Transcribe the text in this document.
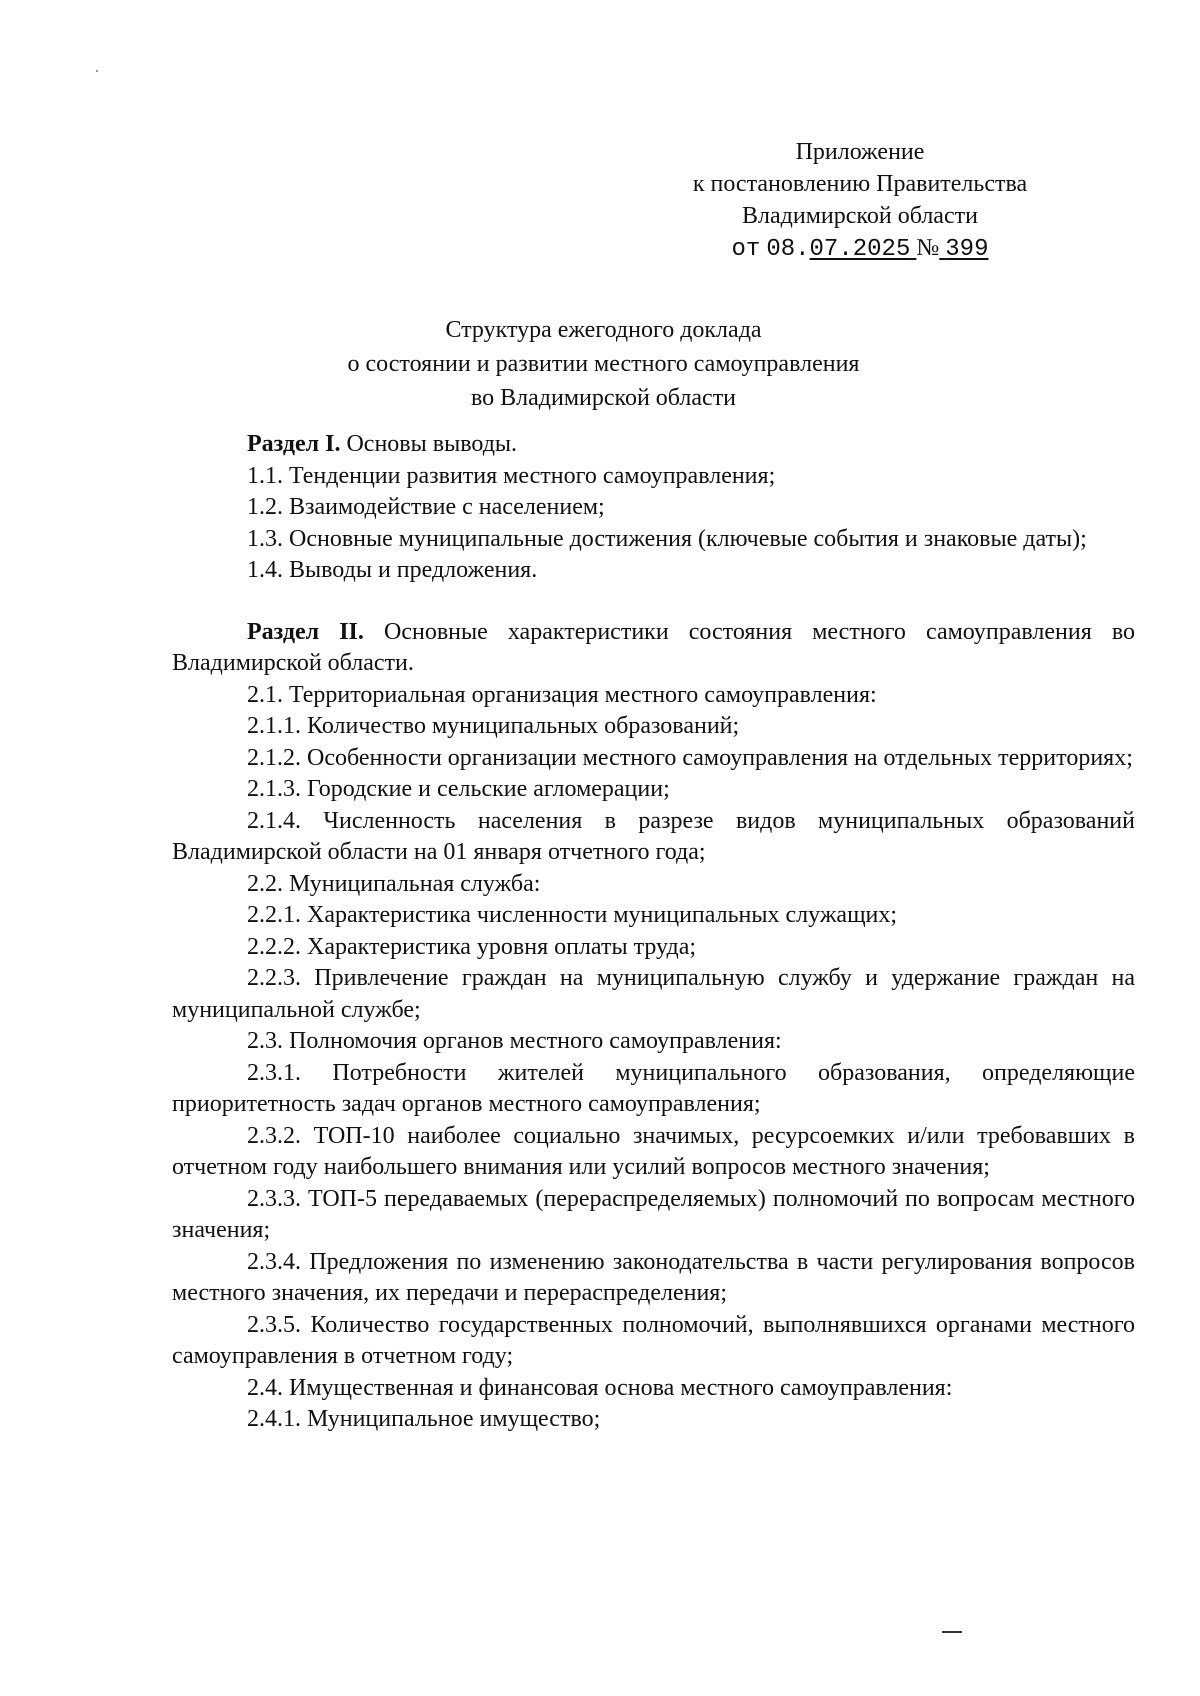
Приложение
к постановлению Правительства
Владимирской области
от 08.07.2025 № 399
Структура ежегодного доклада
о состоянии и развитии местного самоуправления
во Владимирской области

Раздел I. Основы выводы.

1.1. Тенденции развития местного самоуправления;

1.2. Взаимодействие с населением;

1.3. Основные муниципальные достижения (ключевые события и знаковые даты);

1.4. Выводы и предложения.

Раздел II. Основные характеристики состояния местного самоуправления во Владимирской области.

2.1. Территориальная организация местного самоуправления:

2.1.1. Количество муниципальных образований;

2.1.2. Особенности организации местного самоуправления на отдельных территориях;

2.1.3. Городские и сельские агломерации;

2.1.4. Численность населения в разрезе видов муниципальных образований Владимирской области на 01 января отчетного года;

2.2. Муниципальная служба:

2.2.1. Характеристика численности муниципальных служащих;

2.2.2. Характеристика уровня оплаты труда;

2.2.3. Привлечение граждан на муниципальную службу и удержание граждан на муниципальной службе;

2.3. Полномочия органов местного самоуправления:

2.3.1. Потребности жителей муниципального образования, определяющие приоритетность задач органов местного самоуправления;

2.3.2. ТОП-10 наиболее социально значимых, ресурсоемких и/или требовавших в отчетном году наибольшего внимания или усилий вопросов местного значения;

2.3.3. ТОП-5 передаваемых (перераспределяемых) полномочий по вопросам местного значения;

2.3.4. Предложения по изменению законодательства в части регулирования вопросов местного значения, их передачи и перераспределения;

2.3.5. Количество государственных полномочий, выполнявшихся органами местного самоуправления в отчетном году;

2.4. Имущественная и финансовая основа местного самоуправления:

2.4.1. Муниципальное имущество;
